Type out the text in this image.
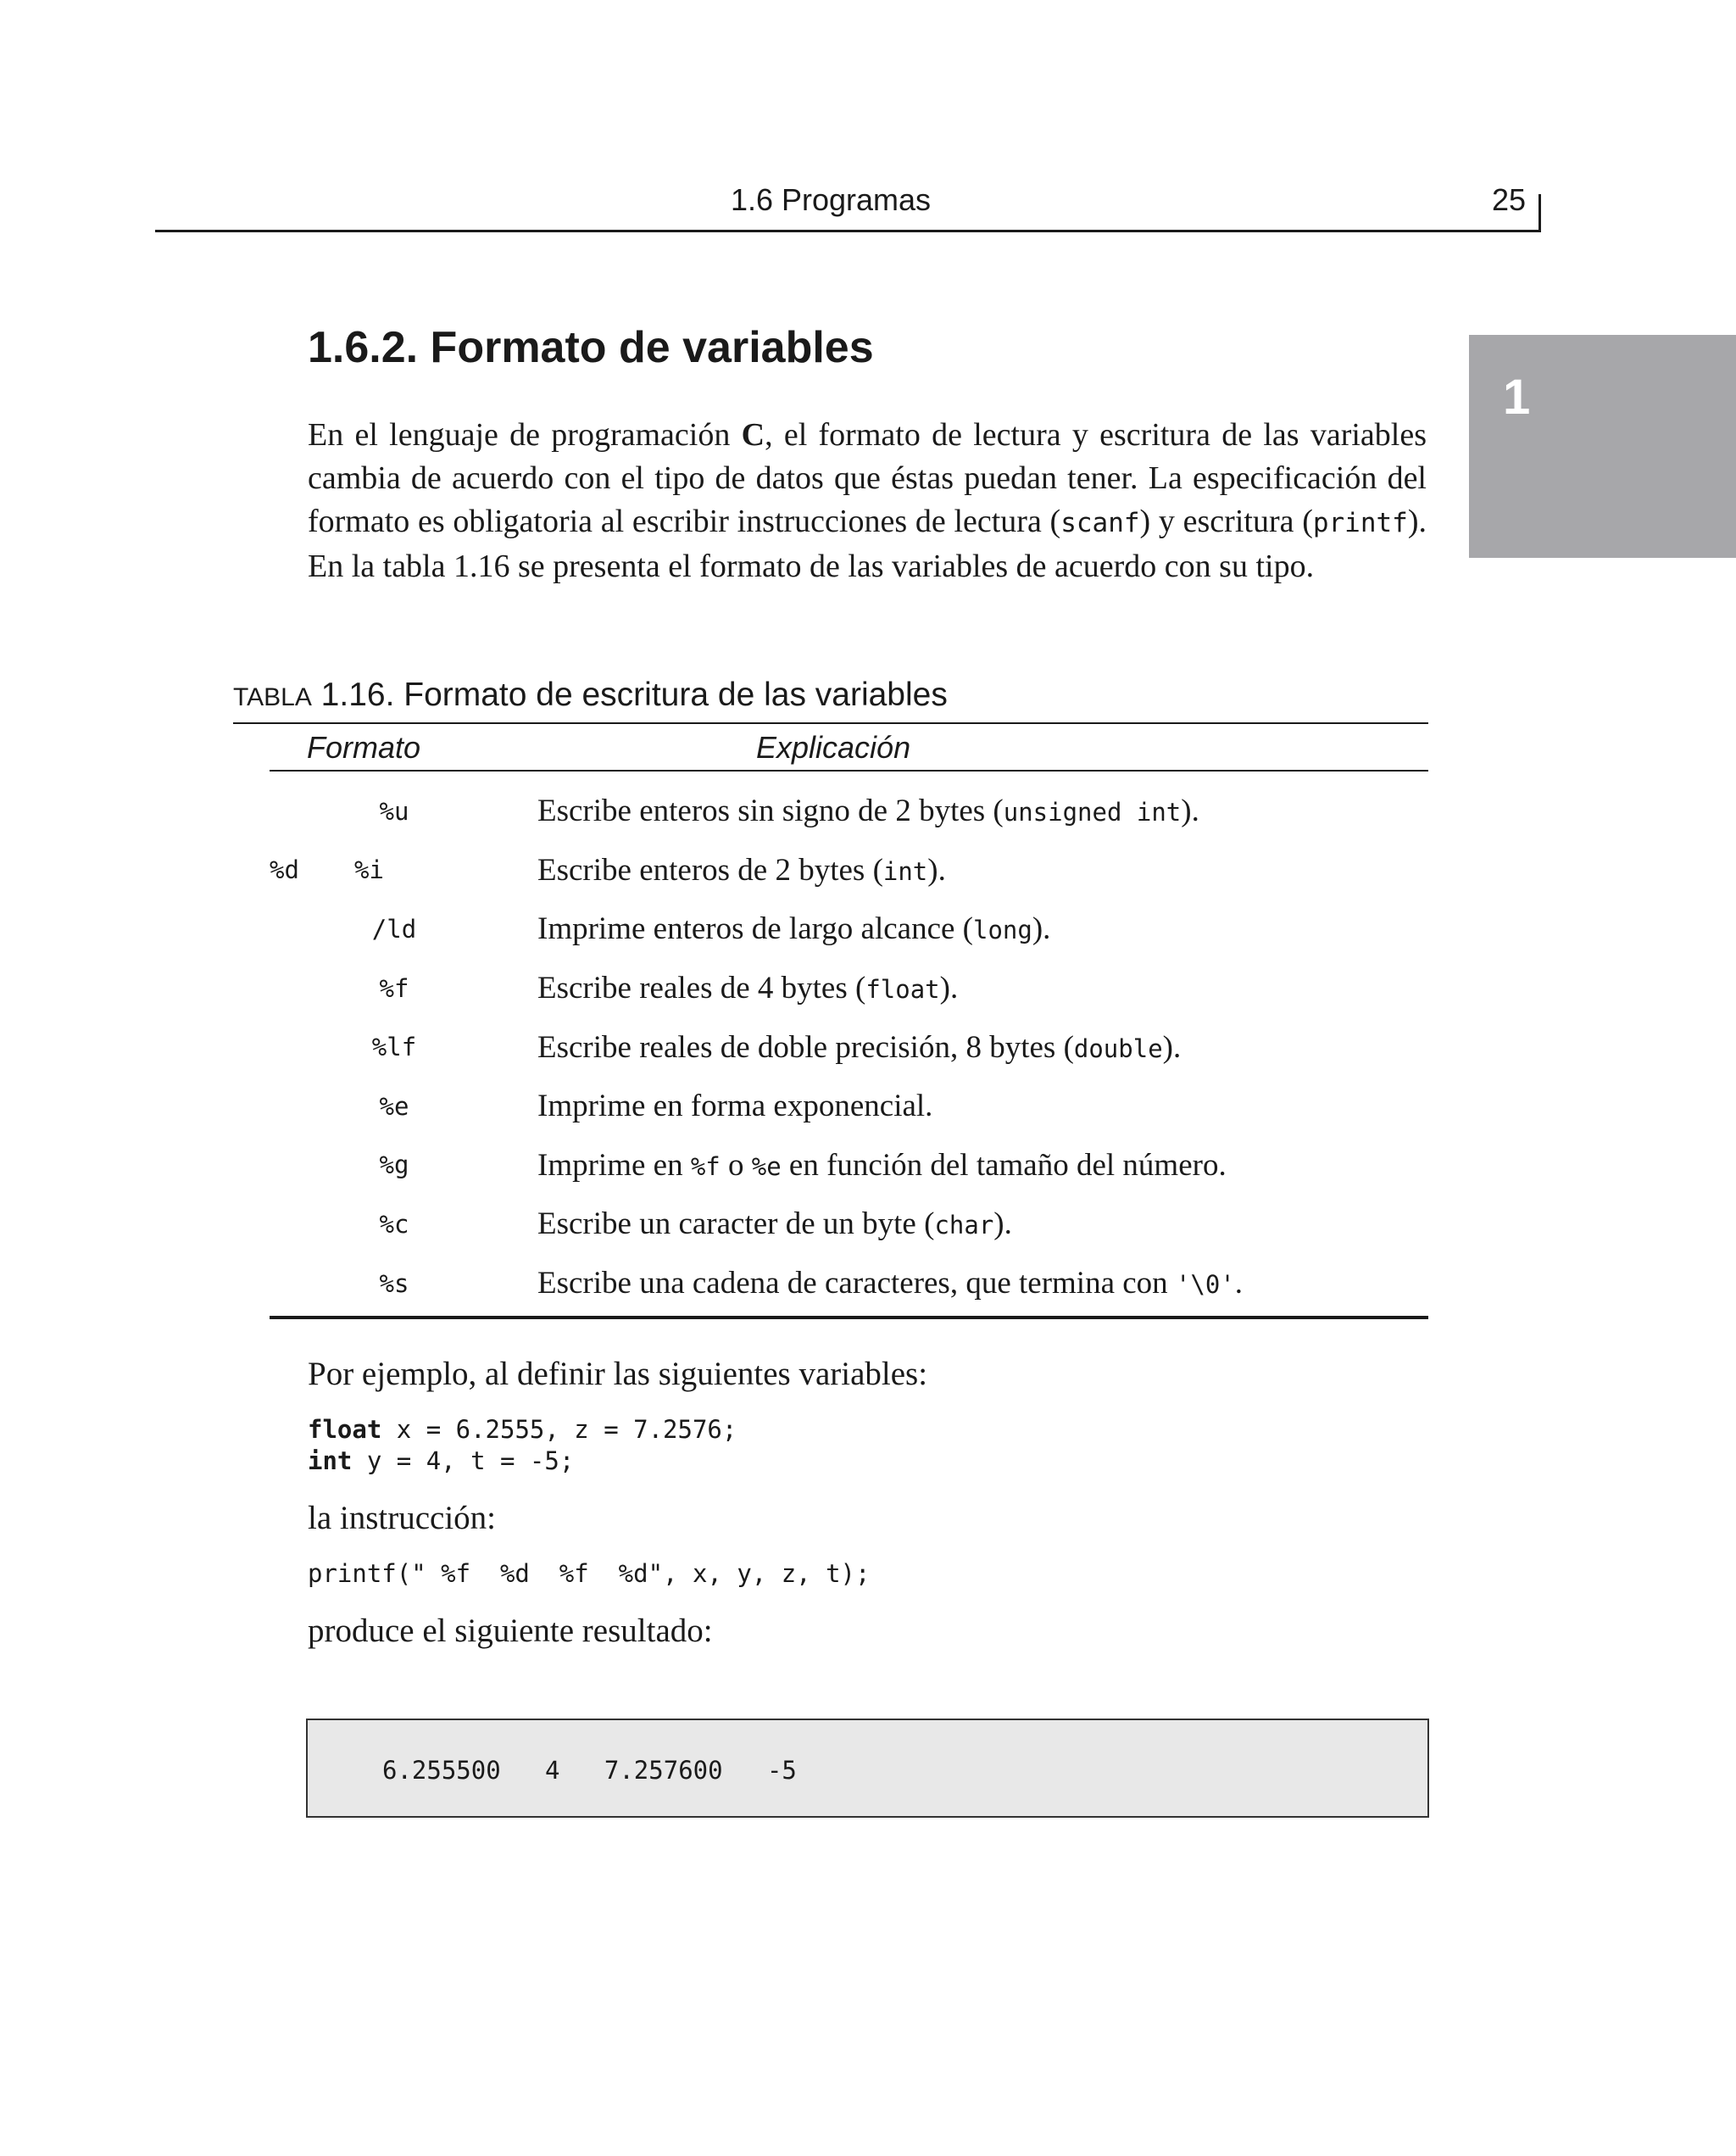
1.6 Programas	25
1
1.6.2. Formato de variables

En el lenguaje de programación C, el formato de lectura y escritura de las variables cambia de acuerdo con el tipo de datos que éstas puedan tener. La especificación del formato es obligatoria al escribir instrucciones de lectura (scanf) y escritura (printf). En la tabla 1.16 se presenta el formato de las variables de acuerdo con su tipo.

TABLA 1.16. Formato de escritura de las variables
Formato	Explicación
%u	Escribe enteros sin signo de 2 bytes (unsigned int).
%d %i	Escribe enteros de 2 bytes (int).
/ld	Imprime enteros de largo alcance (long).
%f	Escribe reales de 4 bytes (float).
%lf	Escribe reales de doble precisión, 8 bytes (double).
%e	Imprime en forma exponencial.
%g	Imprime en %f o %e en función del tamaño del número.
%c	Escribe un caracter de un byte (char).
%s	Escribe una cadena de caracteres, que termina con '\0'.
Por ejemplo, al definir las siguientes variables:
float x = 6.2555, z = 7.2576;
int y = 4, t = -5;
la instrucción:
printf(" %f  %d  %f  %d", x, y, z, t);
produce el siguiente resultado:
6.255500   4   7.257600   -5
